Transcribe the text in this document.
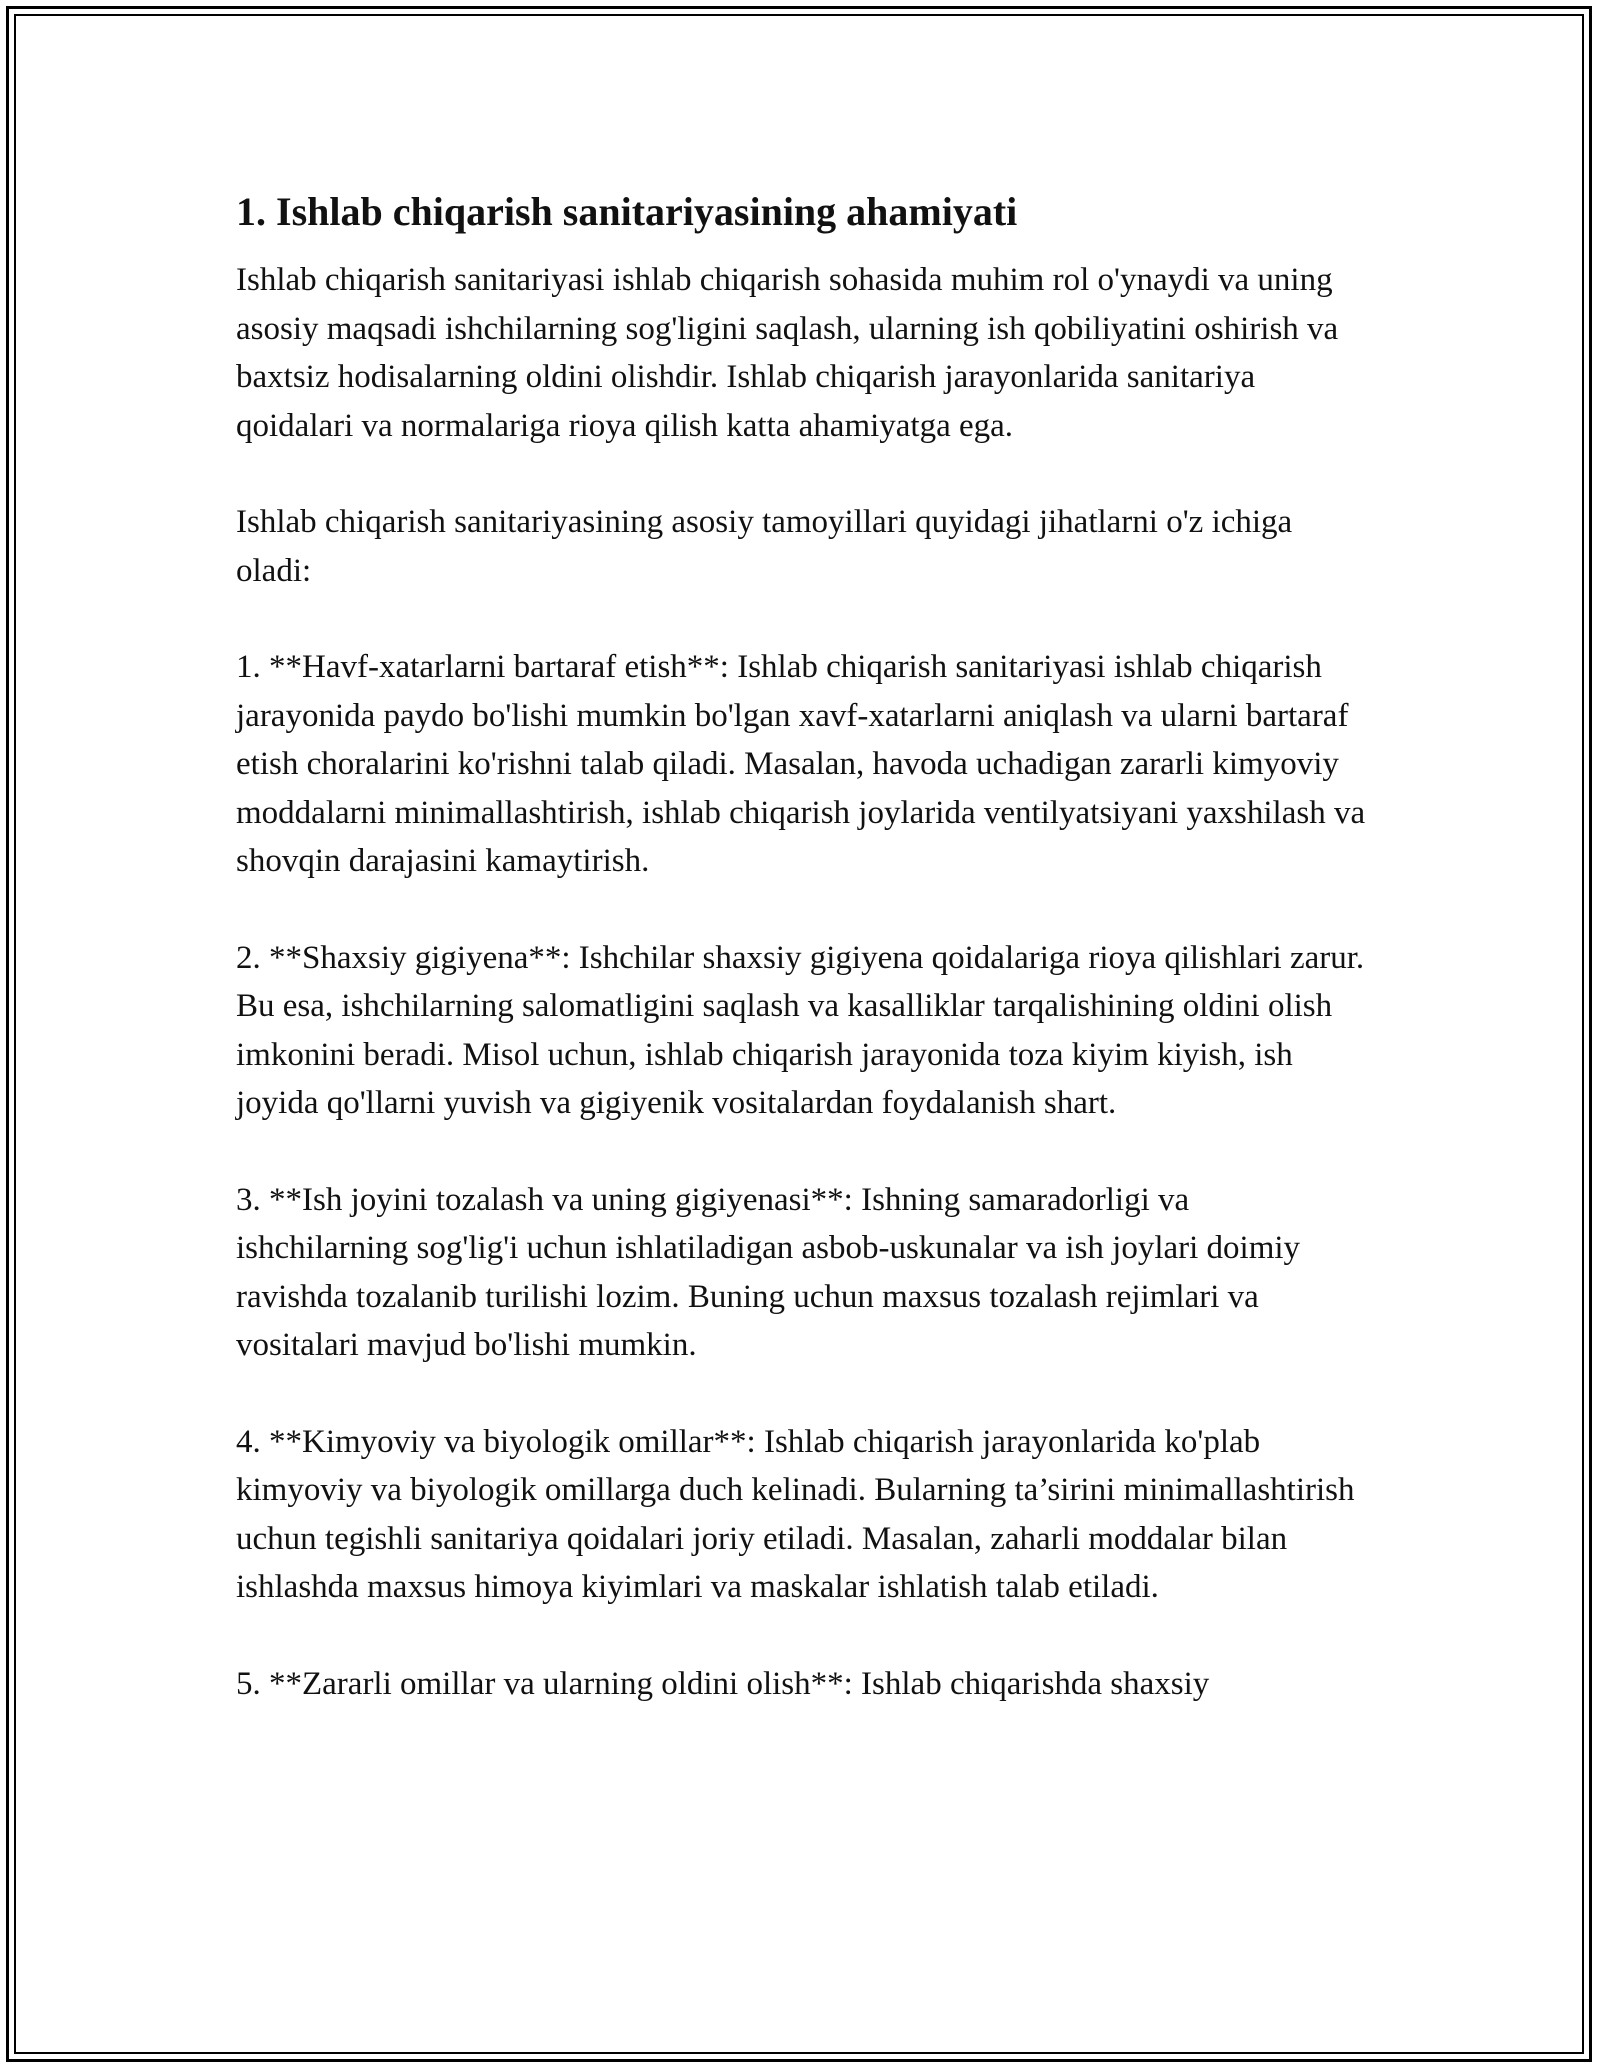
1. Ishlab chiqarish sanitariyasining ahamiyati

Ishlab chiqarish sanitariyasi ishlab chiqarish sohasida muhim rol o'ynaydi va uning asosiy maqsadi ishchilarning sog'ligini saqlash, ularning ish qobiliyatini oshirish va baxtsiz hodisalarning oldini olishdir. Ishlab chiqarish jarayonlarida sanitariya qoidalari va normalariga rioya qilish katta ahamiyatga ega.

Ishlab chiqarish sanitariyasining asosiy tamoyillari quyidagi jihatlarni o'z ichiga oladi:

1. **Havf-xatarlarni bartaraf etish**: Ishlab chiqarish sanitariyasi ishlab chiqarish jarayonida paydo bo'lishi mumkin bo'lgan xavf-xatarlarni aniqlash va ularni bartaraf etish choralarini ko'rishni talab qiladi. Masalan, havoda uchadigan zararli kimyoviy moddalarni minimallashtirish, ishlab chiqarish joylarida ventilyatsiyani yaxshilash va shovqin darajasini kamaytirish.

2. **Shaxsiy gigiyena**: Ishchilar shaxsiy gigiyena qoidalariga rioya qilishlari zarur. Bu esa, ishchilarning salomatligini saqlash va kasalliklar tarqalishining oldini olish imkonini beradi. Misol uchun, ishlab chiqarish jarayonida toza kiyim kiyish, ish joyida qo'llarni yuvish va gigiyenik vositalardan foydalanish shart.

3. **Ish joyini tozalash va uning gigiyenasi**: Ishning samaradorligi va ishchilarning sog'lig'i uchun ishlatiladigan asbob-uskunalar va ish joylari doimiy ravishda tozalanib turilishi lozim. Buning uchun maxsus tozalash rejimlari va vositalari mavjud bo'lishi mumkin.

4. **Kimyoviy va biyologik omillar**: Ishlab chiqarish jarayonlarida ko'plab kimyoviy va biyologik omillarga duch kelinadi. Bularning ta’sirini minimallashtirish uchun tegishli sanitariya qoidalari joriy etiladi. Masalan, zaharli moddalar bilan ishlashda maxsus himoya kiyimlari va maskalar ishlatish talab etiladi.

5. **Zararli omillar va ularning oldini olish**: Ishlab chiqarishda shaxsiy
